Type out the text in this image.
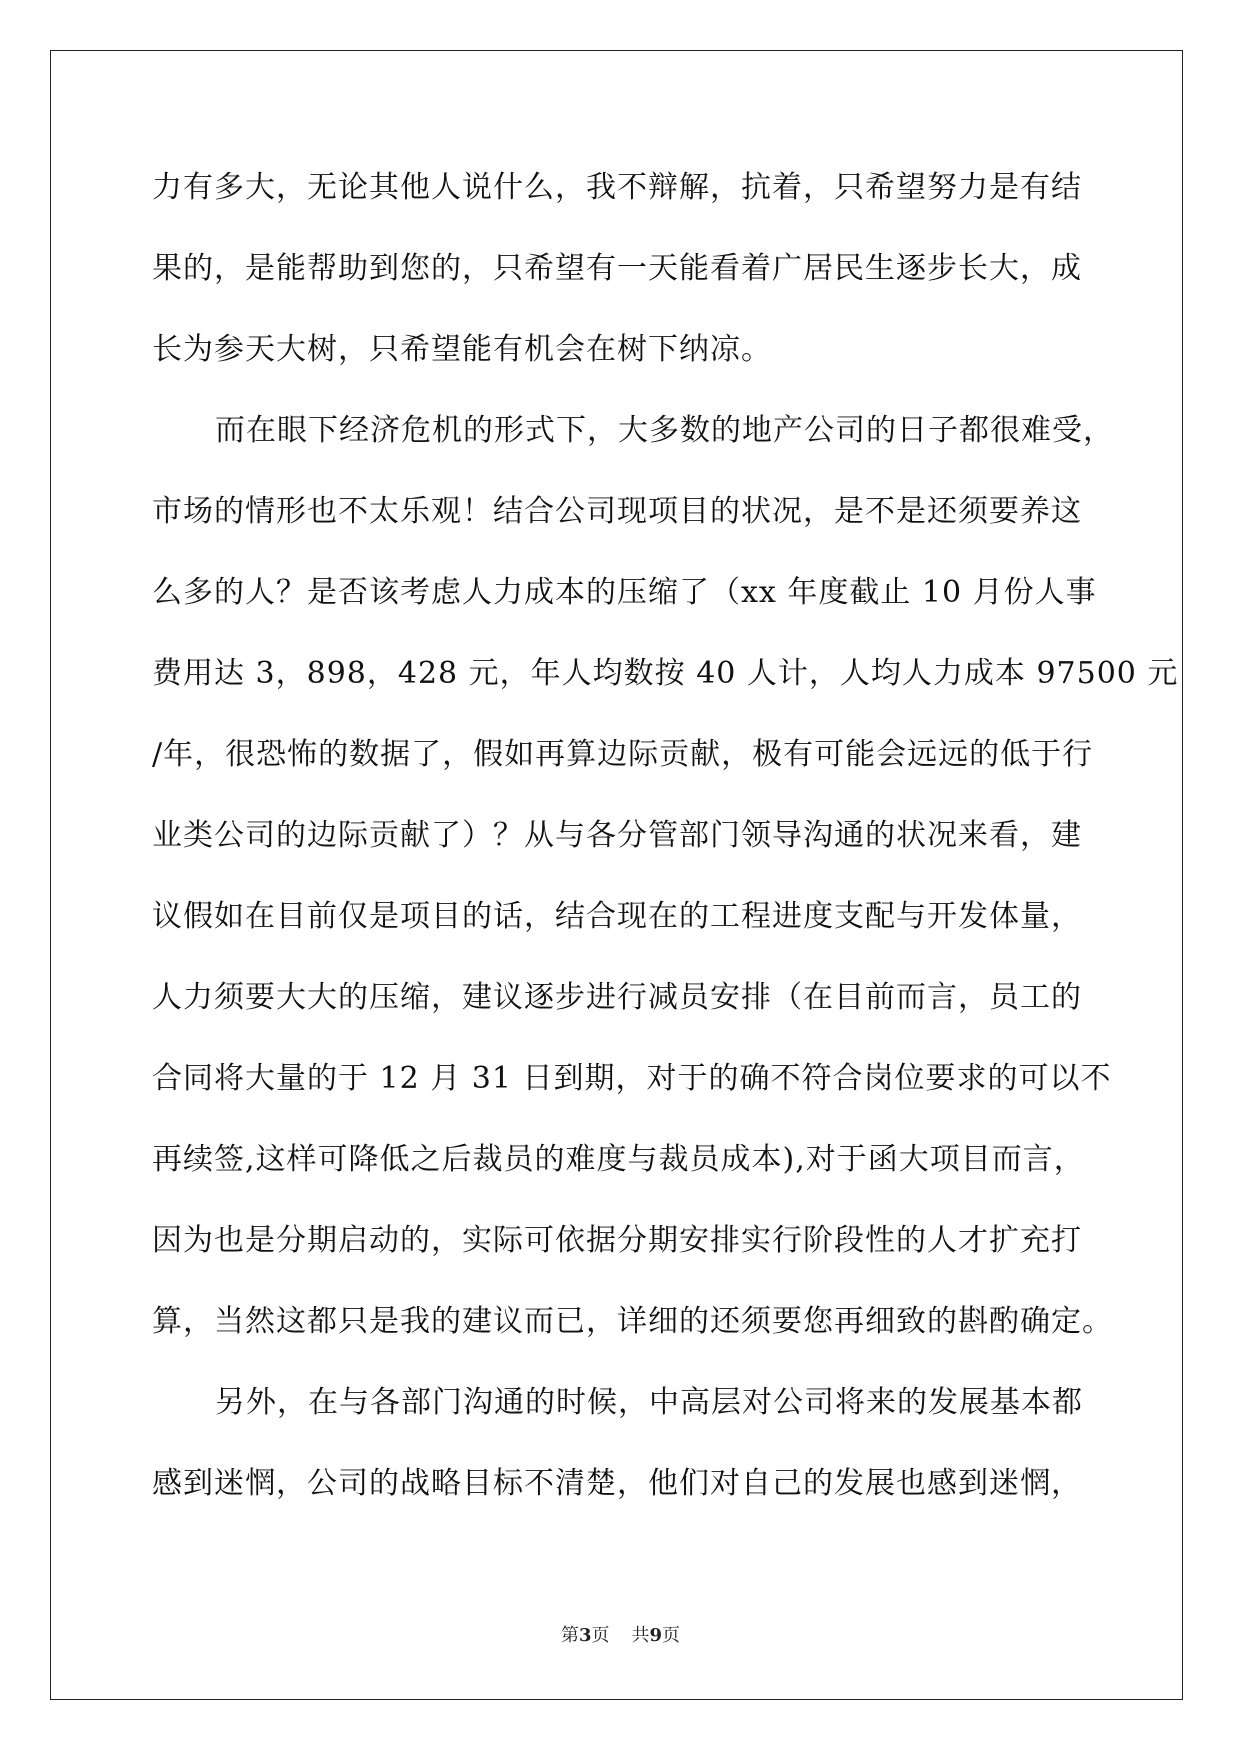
力有多大，无论其他人说什么，我不辩解，抗着，只希望努力是有结
果的，是能帮助到您的，只希望有一天能看着广居民生逐步长大，成
长为参天大树，只希望能有机会在树下纳凉。
而在眼下经济危机的形式下，大多数的地产公司的日子都很难受，
市场的情形也不太乐观！结合公司现项目的状况，是不是还须要养这
么多的人？是否该考虑人力成本的压缩了（xx 年度截止 10 月份人事
费用达 3，898，428 元，年人均数按 40 人计，人均人力成本 97500 元
/年，很恐怖的数据了，假如再算边际贡献，极有可能会远远的低于行
业类公司的边际贡献了）？从与各分管部门领导沟通的状况来看，建
议假如在目前仅是项目的话，结合现在的工程进度支配与开发体量，
人力须要大大的压缩，建议逐步进行减员安排（在目前而言，员工的
合同将大量的于 12 月 31 日到期，对于的确不符合岗位要求的可以不
再续签,这样可降低之后裁员的难度与裁员成本),对于函大项目而言，
因为也是分期启动的，实际可依据分期安排实行阶段性的人才扩充打
算，当然这都只是我的建议而已，详细的还须要您再细致的斟酌确定。
另外，在与各部门沟通的时候，中高层对公司将来的发展基本都
感到迷惘，公司的战略目标不清楚，他们对自己的发展也感到迷惘，
第3页 共9页
